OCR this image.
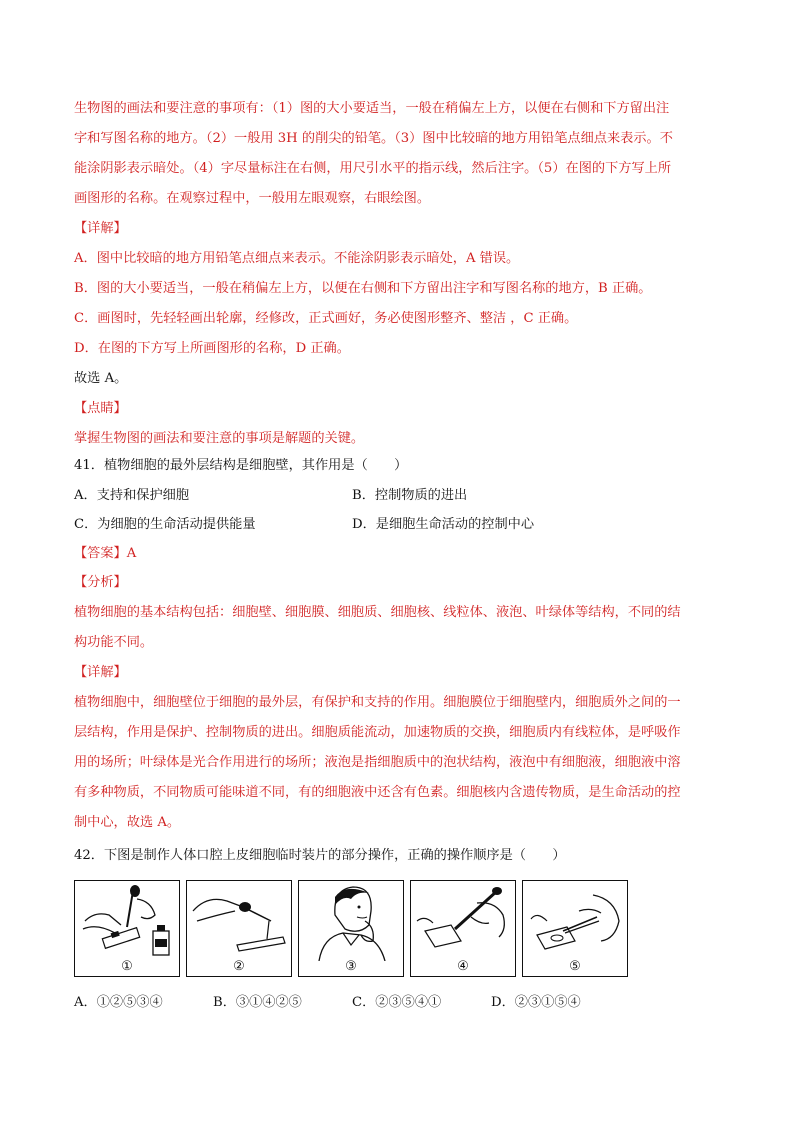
生物图的画法和要注意的事项有：（1）图的大小要适当，一般在稍偏左上方，以便在右侧和下方留出注
字和写图名称的地方。（2）一般用 3H 的削尖的铅笔。（3）图中比较暗的地方用铅笔点细点来表示。不
能涂阴影表示暗处。（4）字尽量标注在右侧，用尺引水平的指示线，然后注字。（5）在图的下方写上所
画图形的名称。在观察过程中，一般用左眼观察，右眼绘图。
【详解】
A．图中比较暗的地方用铅笔点细点来表示。不能涂阴影表示暗处，A 错误。
B．图的大小要适当，一般在稍偏左上方，以便在右侧和下方留出注字和写图名称的地方，B 正确。
C．画图时，先轻轻画出轮廓，经修改，正式画好，务必使图形整齐、整洁 ，C 正确。
D．在图的下方写上所画图形的名称，D 正确。
故选 A。
【点睛】
掌握生物图的画法和要注意的事项是解题的关键。
41．植物细胞的最外层结构是细胞壁，其作用是（　　）
A．支持和保护细胞	B．控制物质的进出
C．为细胞的生命活动提供能量	D．是细胞生命活动的控制中心
【答案】A
【分析】
植物细胞的基本结构包括：细胞壁、细胞膜、细胞质、细胞核、线粒体、液泡、叶绿体等结构，不同的结
构功能不同。
【详解】
植物细胞中，细胞壁位于细胞的最外层，有保护和支持的作用。细胞膜位于细胞壁内，细胞质外之间的一
层结构，作用是保护、控制物质的进出。细胞质能流动，加速物质的交换，细胞质内有线粒体，是呼吸作
用的场所；叶绿体是光合作用进行的场所；液泡是指细胞质中的泡状结构，液泡中有细胞液，细胞液中溶
有多种物质，不同物质可能味道不同，有的细胞液中还含有色素。细胞核内含遗传物质，是生命活动的控
制中心，故选 A。
42．下图是制作人体口腔上皮细胞临时装片的部分操作，正确的操作顺序是（　　）
①	②	③	④	⑤
A．①②⑤③④	B．③①④②⑤	C．②③⑤④①	D．②③①⑤④
